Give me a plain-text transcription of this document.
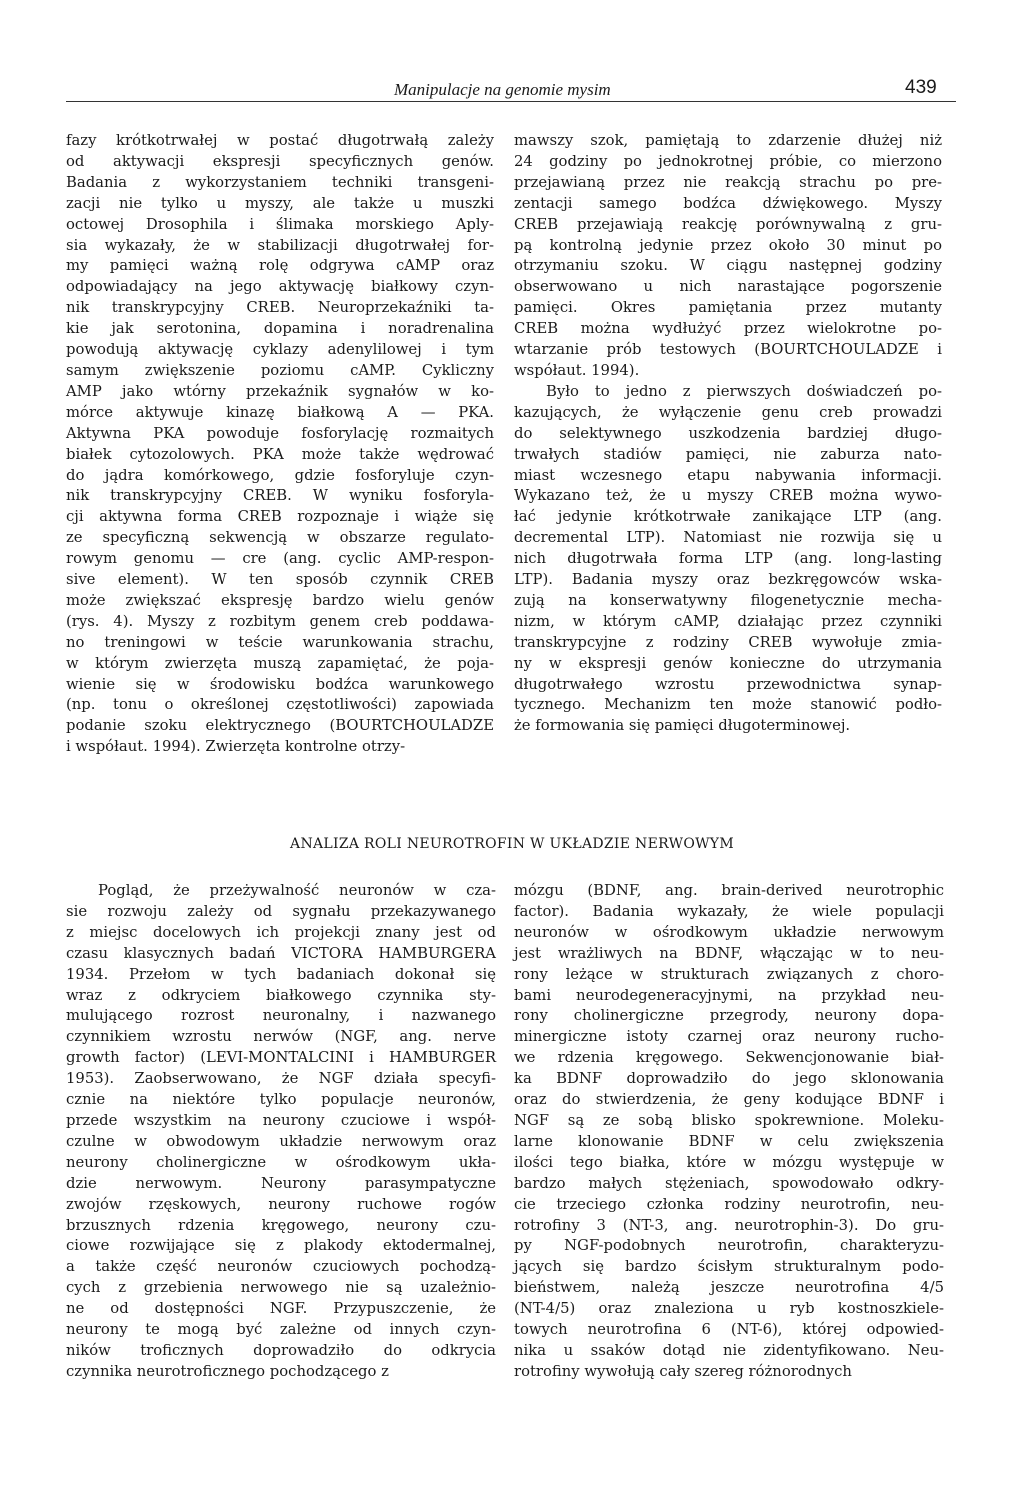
Manipulacje na genomie mysim	439
fazy krótkotrwałej w postać długotrwałą zależy
od aktywacji ekspresji specyficznych genów.
Badania z wykorzystaniem techniki transgeni-
zacji nie tylko u myszy, ale także u muszki
octowej Drosophila i ślimaka morskiego Aply-
sia wykazały, że w stabilizacji długotrwałej for-
my pamięci ważną rolę odgrywa cAMP oraz
odpowiadający na jego aktywację białkowy czyn-
nik transkrypcyjny CREB. Neuroprzekaźniki ta-
kie jak serotonina, dopamina i noradrenalina
powodują aktywację cyklazy adenylilowej i tym
samym zwiększenie poziomu cAMP. Cykliczny
AMP jako wtórny przekaźnik sygnałów w ko-
mórce aktywuje kinazę białkową A — PKA.
Aktywna PKA powoduje fosforylację rozmaitych
białek cytozolowych. PKA może także wędrować
do jądra komórkowego, gdzie fosforyluje czyn-
nik transkrypcyjny CREB. W wyniku fosforyla-
cji aktywna forma CREB rozpoznaje i wiąże się
ze specyficzną sekwencją w obszarze regulato-
rowym genomu — cre (ang. cyclic AMP-respon-
sive element). W ten sposób czynnik CREB
może zwiększać ekspresję bardzo wielu genów
(rys. 4). Myszy z rozbitym genem creb poddawa-
no treningowi w teście warunkowania strachu,
w którym zwierzęta muszą zapamiętać, że poja-
wienie się w środowisku bodźca warunkowego
(np. tonu o określonej częstotliwości) zapowiada
podanie szoku elektrycznego (BOURTCHOULADZE
i współaut. 1994). Zwierzęta kontrolne otrzy-
mawszy szok, pamiętają to zdarzenie dłużej niż
24 godziny po jednokrotnej próbie, co mierzono
przejawianą przez nie reakcją strachu po pre-
zentacji samego bodźca dźwiękowego. Myszy
CREB przejawiają reakcję porównywalną z gru-
pą kontrolną jedynie przez około 30 minut po
otrzymaniu szoku. W ciągu następnej godziny
obserwowano u nich narastające pogorszenie
pamięci. Okres pamiętania przez mutanty
CREB można wydłużyć przez wielokrotne po-
wtarzanie prób testowych (BOURTCHOULADZE i
współaut. 1994).
Było to jedno z pierwszych doświadczeń po-
kazujących, że wyłączenie genu creb prowadzi
do selektywnego uszkodzenia bardziej długo-
trwałych stadiów pamięci, nie zaburza nato-
miast wczesnego etapu nabywania informacji.
Wykazano też, że u myszy CREB można wywo-
łać jedynie krótkotrwałe zanikające LTP (ang.
decremental LTP). Natomiast nie rozwija się u
nich długotrwała forma LTP (ang. long-lasting
LTP). Badania myszy oraz bezkręgowców wska-
zują na konserwatywny filogenetycznie mecha-
nizm, w którym cAMP, działając przez czynniki
transkrypcyjne z rodziny CREB wywołuje zmia-
ny w ekspresji genów konieczne do utrzymania
długotrwałego wzrostu przewodnictwa synap-
tycznego. Mechanizm ten może stanowić podło-
że formowania się pamięci długoterminowej.
ANALIZA ROLI NEUROTROFIN W UKŁADZIE NERWOWYM
Pogląd, że przeżywalność neuronów w cza-
sie rozwoju zależy od sygnału przekazywanego
z miejsc docelowych ich projekcji znany jest od
czasu klasycznych badań VICTORA HAMBURGERA
1934. Przełom w tych badaniach dokonał się
wraz z odkryciem białkowego czynnika sty-
mulującego rozrost neuronalny, i nazwanego
czynnikiem wzrostu nerwów (NGF, ang. nerve
growth factor) (LEVI-MONTALCINI i HAMBURGER
1953). Zaobserwowano, że NGF działa specyfi-
cznie na niektóre tylko populacje neuronów,
przede wszystkim na neurony czuciowe i współ-
czulne w obwodowym układzie nerwowym oraz
neurony cholinergiczne w ośrodkowym ukła-
dzie nerwowym. Neurony parasympatyczne
zwojów rzęskowych, neurony ruchowe rogów
brzusznych rdzenia kręgowego, neurony czu-
ciowe rozwijające się z plakody ektodermalnej,
a także część neuronów czuciowych pochodzą-
cych z grzebienia nerwowego nie są uzależnio-
ne od dostępności NGF. Przypuszczenie, że
neurony te mogą być zależne od innych czyn-
ników troficznych doprowadziło do odkrycia
czynnika neurotroficznego pochodzącego z
mózgu (BDNF, ang. brain-derived neurotrophic
factor). Badania wykazały, że wiele populacji
neuronów w ośrodkowym układzie nerwowym
jest wrażliwych na BDNF, włączając w to neu-
rony leżące w strukturach związanych z choro-
bami neurodegeneracyjnymi, na przykład neu-
rony cholinergiczne przegrody, neurony dopa-
minergiczne istoty czarnej oraz neurony rucho-
we rdzenia kręgowego. Sekwencjonowanie biał-
ka BDNF doprowadziło do jego sklonowania
oraz do stwierdzenia, że geny kodujące BDNF i
NGF są ze sobą blisko spokrewnione. Moleku-
larne klonowanie BDNF w celu zwiększenia
ilości tego białka, które w mózgu występuje w
bardzo małych stężeniach, spowodowało odkry-
cie trzeciego członka rodziny neurotrofin, neu-
rotrofiny 3 (NT-3, ang. neurotrophin-3). Do gru-
py NGF-podobnych neurotrofin, charakteryzu-
jących się bardzo ścisłym strukturalnym podo-
bieństwem, należą jeszcze neurotrofina 4/5
(NT-4/5) oraz znaleziona u ryb kostnoszkiele-
towych neurotrofina 6 (NT-6), której odpowied-
nika u ssaków dotąd nie zidentyfikowano. Neu-
rotrofiny wywołują cały szereg różnorodnych
